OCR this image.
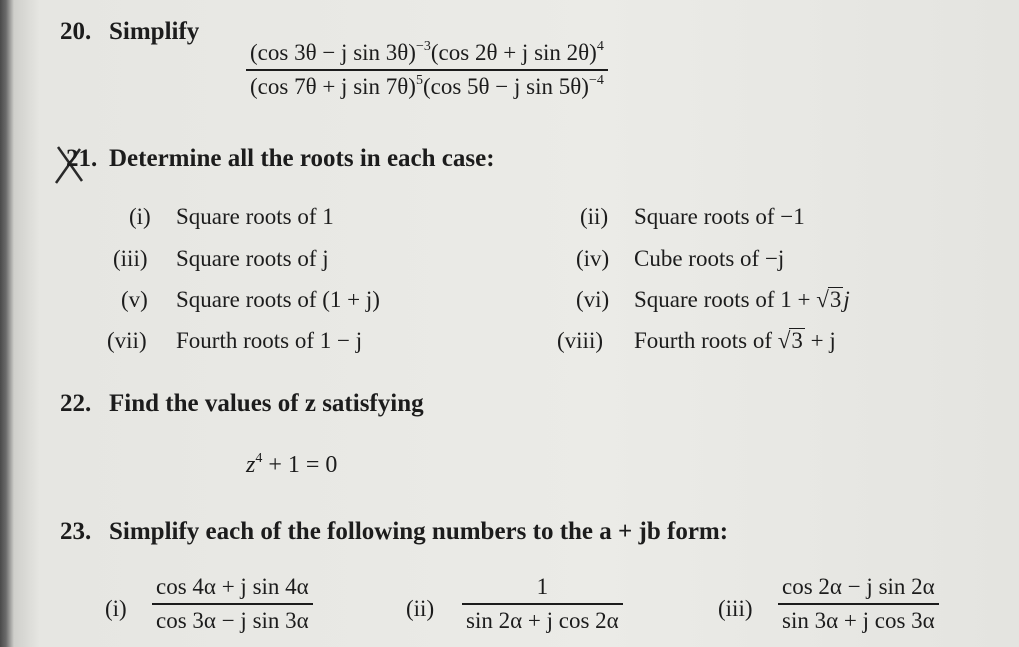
20. Simplify
(cos 3θ − j sin 3θ)$^{-3}$(cos 2θ + j sin 2θ)$^4$
(cos 7θ + j sin 7θ)$^5$(cos 5θ − j sin 5θ)$^{-4}$
21. Determine all the roots in each case:
(i) Square roots of 1	(ii) Square roots of −1
(iii) Square roots of j	(iv) Cube roots of −j
(v) Square roots of (1 + j)	(vi) Square roots of 1 + √3j
(vii) Fourth roots of 1 − j	(viii) Fourth roots of √3 + j
22. Find the values of z satisfying
$z^4 + 1 = 0$
23. Simplify each of the following numbers to the a + jb form:
(i)
cos 4α + j sin 4α
cos 3α − j sin 3α	(ii)
1
sin 2α + j cos 2α	(iii)
cos 2α − j sin 2α
sin 3α + j cos 3α
